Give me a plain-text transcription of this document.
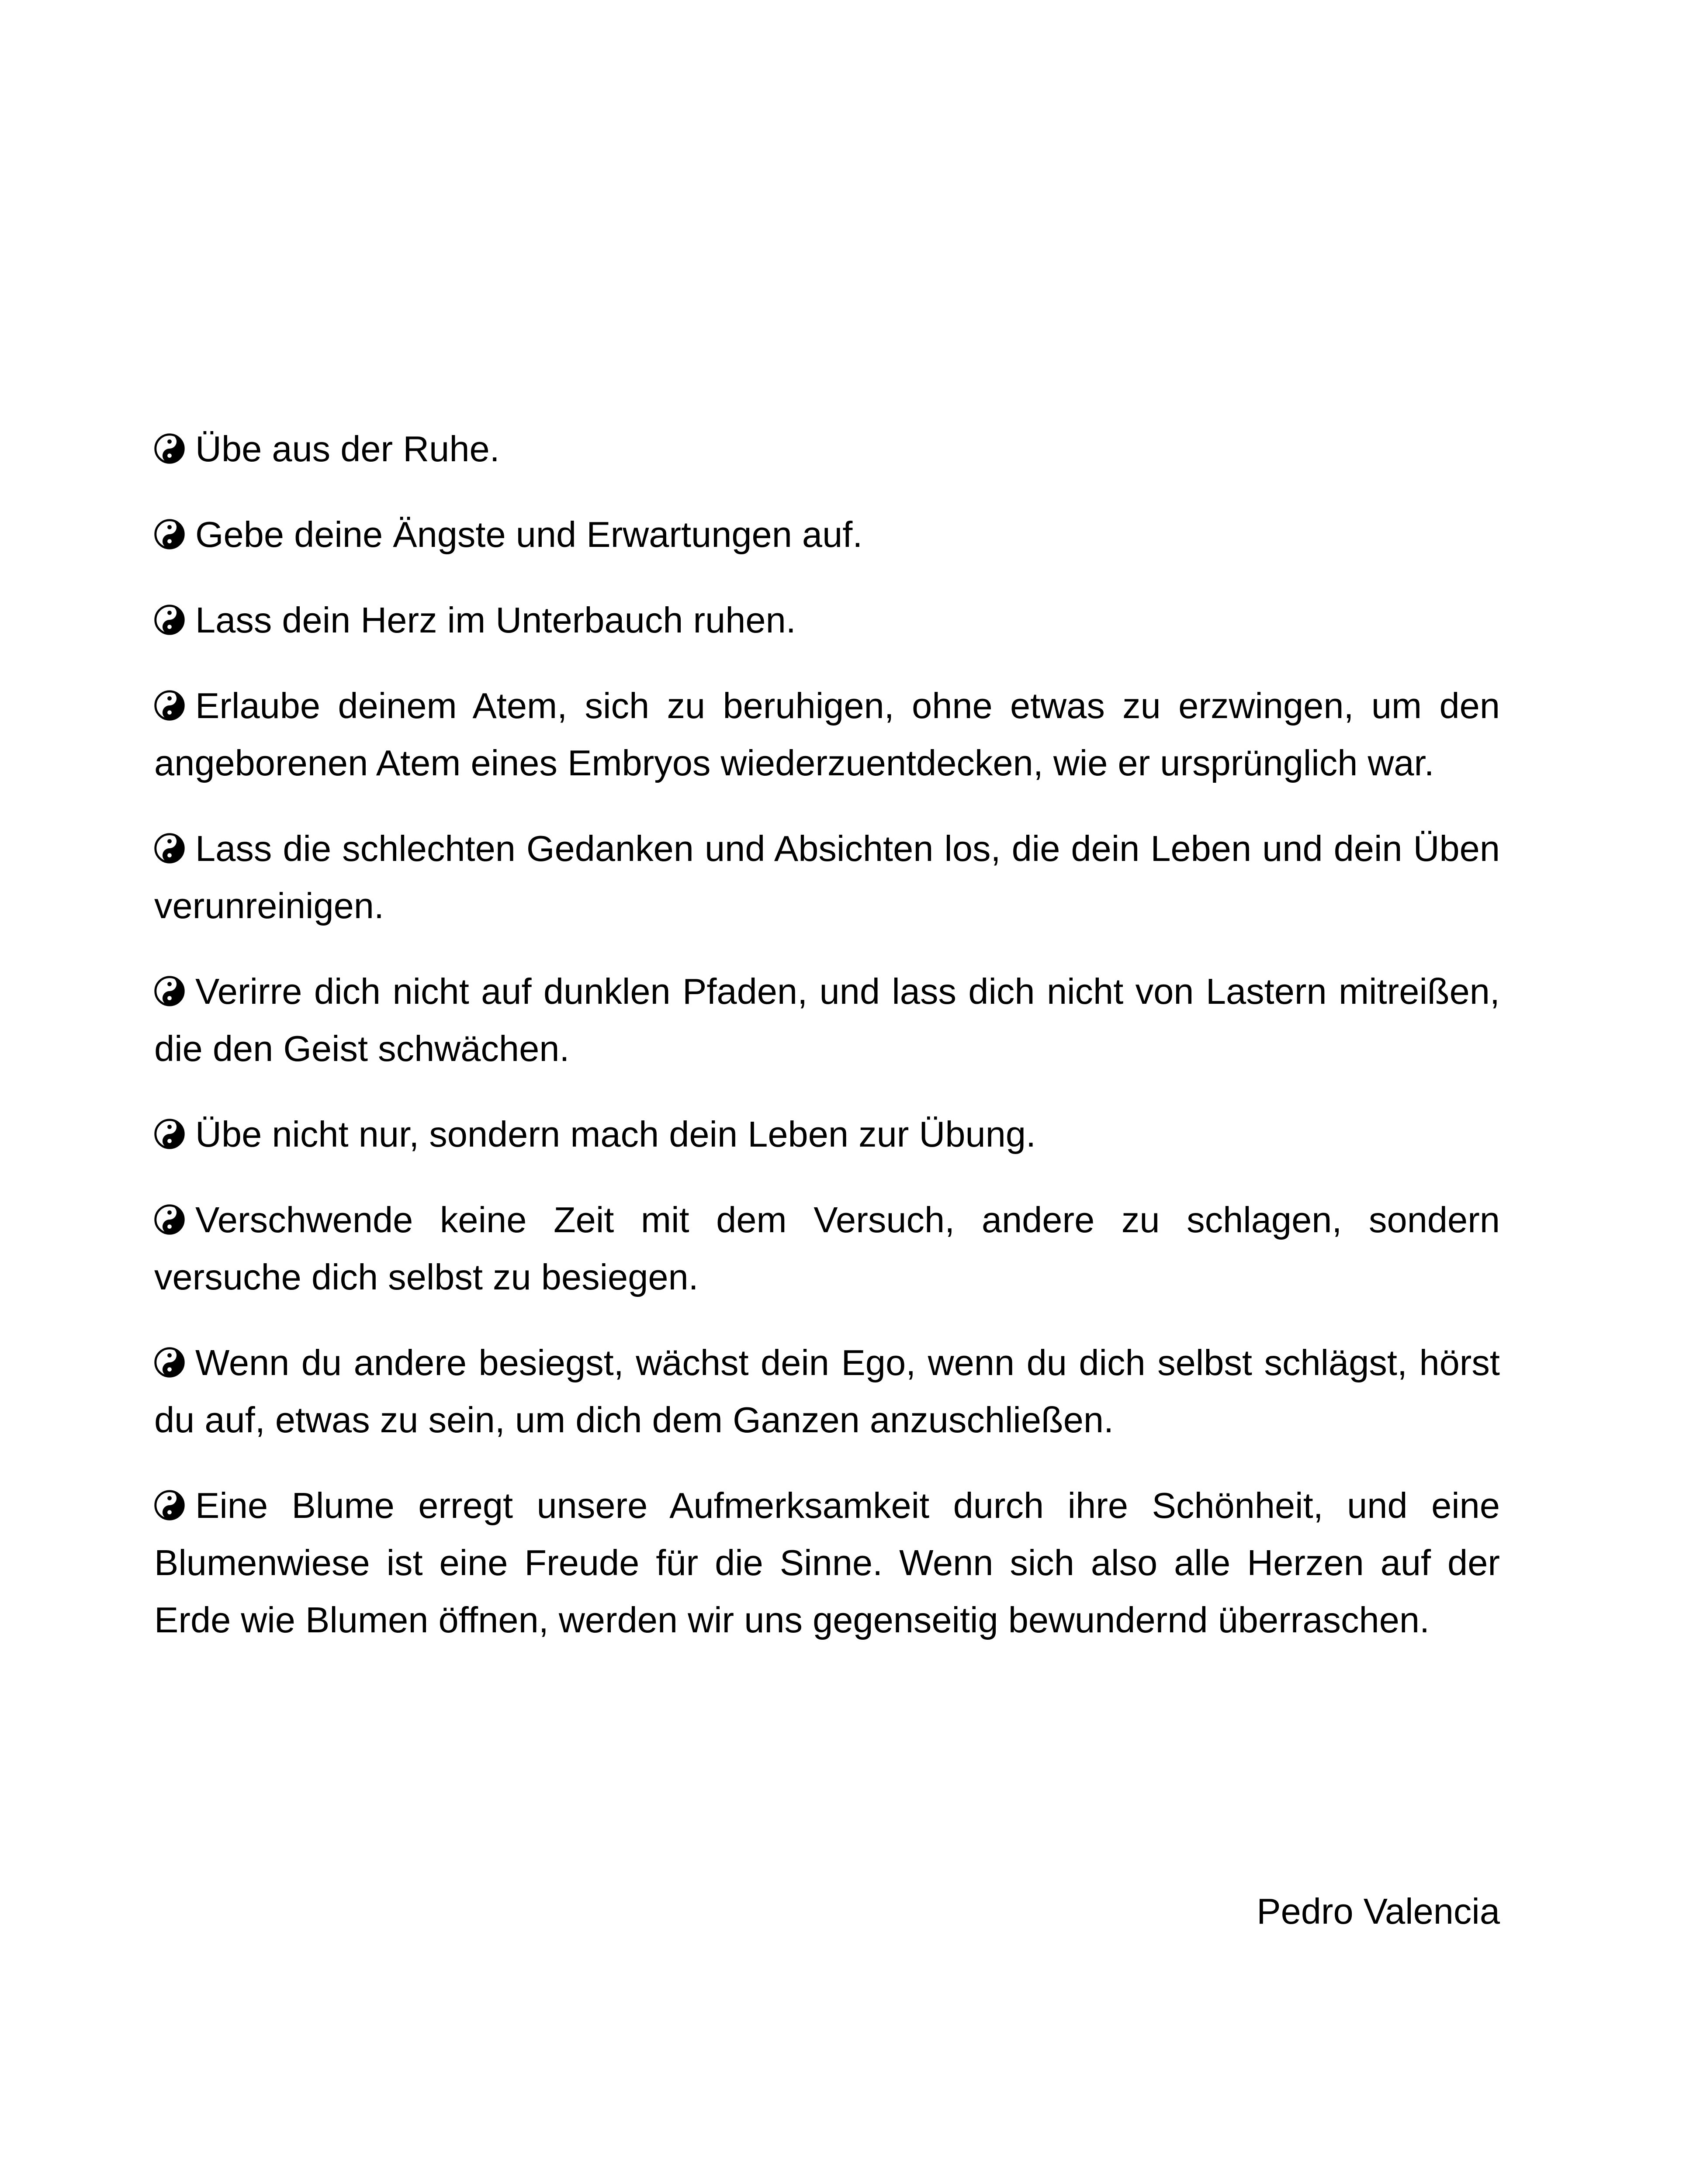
Übe aus der Ruhe.

Gebe deine Ängste und Erwartungen auf.

Lass dein Herz im Unterbauch ruhen.

Erlaube deinem Atem, sich zu beruhigen, ohne etwas zu erzwingen, um den angeborenen Atem eines Embryos wiederzuentdecken, wie er ursprünglich war.

Lass die schlechten Gedanken und Absichten los, die dein Leben und dein Üben verunreinigen.

Verirre dich nicht auf dunklen Pfaden, und lass dich nicht von Lastern mitreißen, die den Geist schwächen.

Übe nicht nur, sondern mach dein Leben zur Übung.

Verschwende keine Zeit mit dem Versuch, andere zu schlagen, sondern versuche dich selbst zu besiegen.

Wenn du andere besiegst, wächst dein Ego, wenn du dich selbst schlägst, hörst du auf, etwas zu sein, um dich dem Ganzen anzuschließen.

Eine Blume erregt unsere Aufmerksamkeit durch ihre Schönheit, und eine Blumenwiese ist eine Freude für die Sinne. Wenn sich also alle Herzen auf der Erde wie Blumen öffnen, werden wir uns gegenseitig bewundernd überraschen.

Pedro Valencia
